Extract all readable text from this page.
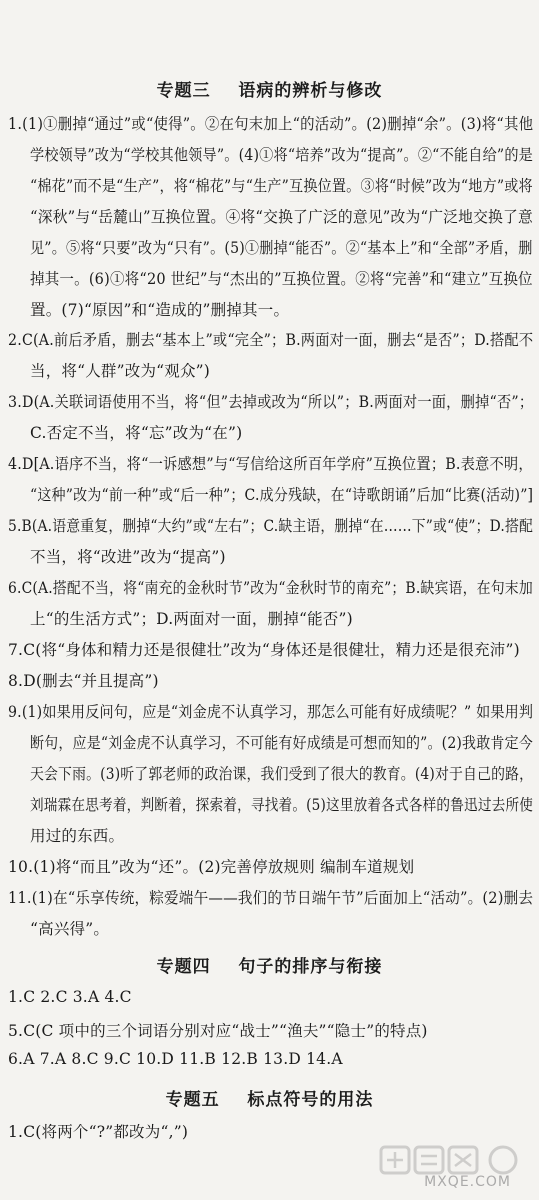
专题三    语病的辨析与修改
1.(1)①删掉“通过”或“使得”。②在句末加上“的活动”。(2)删掉“余”。(3)将“其他
学校领导”改为“学校其他领导”。(4)①将“培养”改为“提高”。②“不能自给”的是
“棉花”而不是“生产”，将“棉花”与“生产”互换位置。③将“时候”改为“地方”或将
“深秋”与“岳麓山”互换位置。④将“交换了广泛的意见”改为“广泛地交换了意
见”。⑤将“只要”改为“只有”。(5)①删掉“能否”。②“基本上”和“全部”矛盾，删
掉其一。(6)①将“20 世纪”与“杰出的”互换位置。②将“完善”和“建立”互换位
置。(7)“原因”和“造成的”删掉其一。
2.C(A.前后矛盾，删去“基本上”或“完全”；B.两面对一面，删去“是否”；D.搭配不
当，将“人群”改为“观众”)
3.D(A.关联词语使用不当，将“但”去掉或改为“所以”；B.两面对一面，删掉“否”；
C.否定不当，将“忘”改为“在”)
4.D[A.语序不当，将“一诉感想”与“写信给这所百年学府”互换位置；B.表意不明，
“这种”改为“前一种”或“后一种”；C.成分残缺，在“诗歌朗诵”后加“比赛(活动)”]
5.B(A.语意重复，删掉“大约”或“左右”；C.缺主语，删掉“在……下”或“使”；D.搭配
不当，将“改进”改为“提高”)
6.C(A.搭配不当，将“南充的金秋时节”改为“金秋时节的南充”；B.缺宾语，在句末加
上“的生活方式”；D.两面对一面，删掉“能否”)
7.C(将“身体和精力还是很健壮”改为“身体还是很健壮，精力还是很充沛”)
8.D(删去“并且提高”)
9.(1)如果用反问句，应是“刘金虎不认真学习，那怎么可能有好成绩呢？” 如果用判
断句，应是“刘金虎不认真学习，不可能有好成绩是可想而知的”。(2)我敢肯定今
天会下雨。(3)听了郭老师的政治课，我们受到了很大的教育。(4)对于自己的路，
刘瑞霖在思考着，判断着，探索着，寻找着。(5)这里放着各式各样的鲁迅过去所使
用过的东西。
10.(1)将“而且”改为“还”。(2)完善停放规则 编制车道规划
11.(1)在“乐享传统，粽爱端午——我们的节日端午节”后面加上“活动”。(2)删去
“高兴得”。
专题四    句子的排序与衔接
1.C 2.C 3.A 4.C
5.C(C 项中的三个词语分别对应“战士”“渔夫”“隐士”的特点)
6.A 7.A 8.C 9.C 10.D 11.B 12.B 13.D 14.A
专题五    标点符号的用法
1.C(将两个“?”都改为“,”)
MXQE.COM
